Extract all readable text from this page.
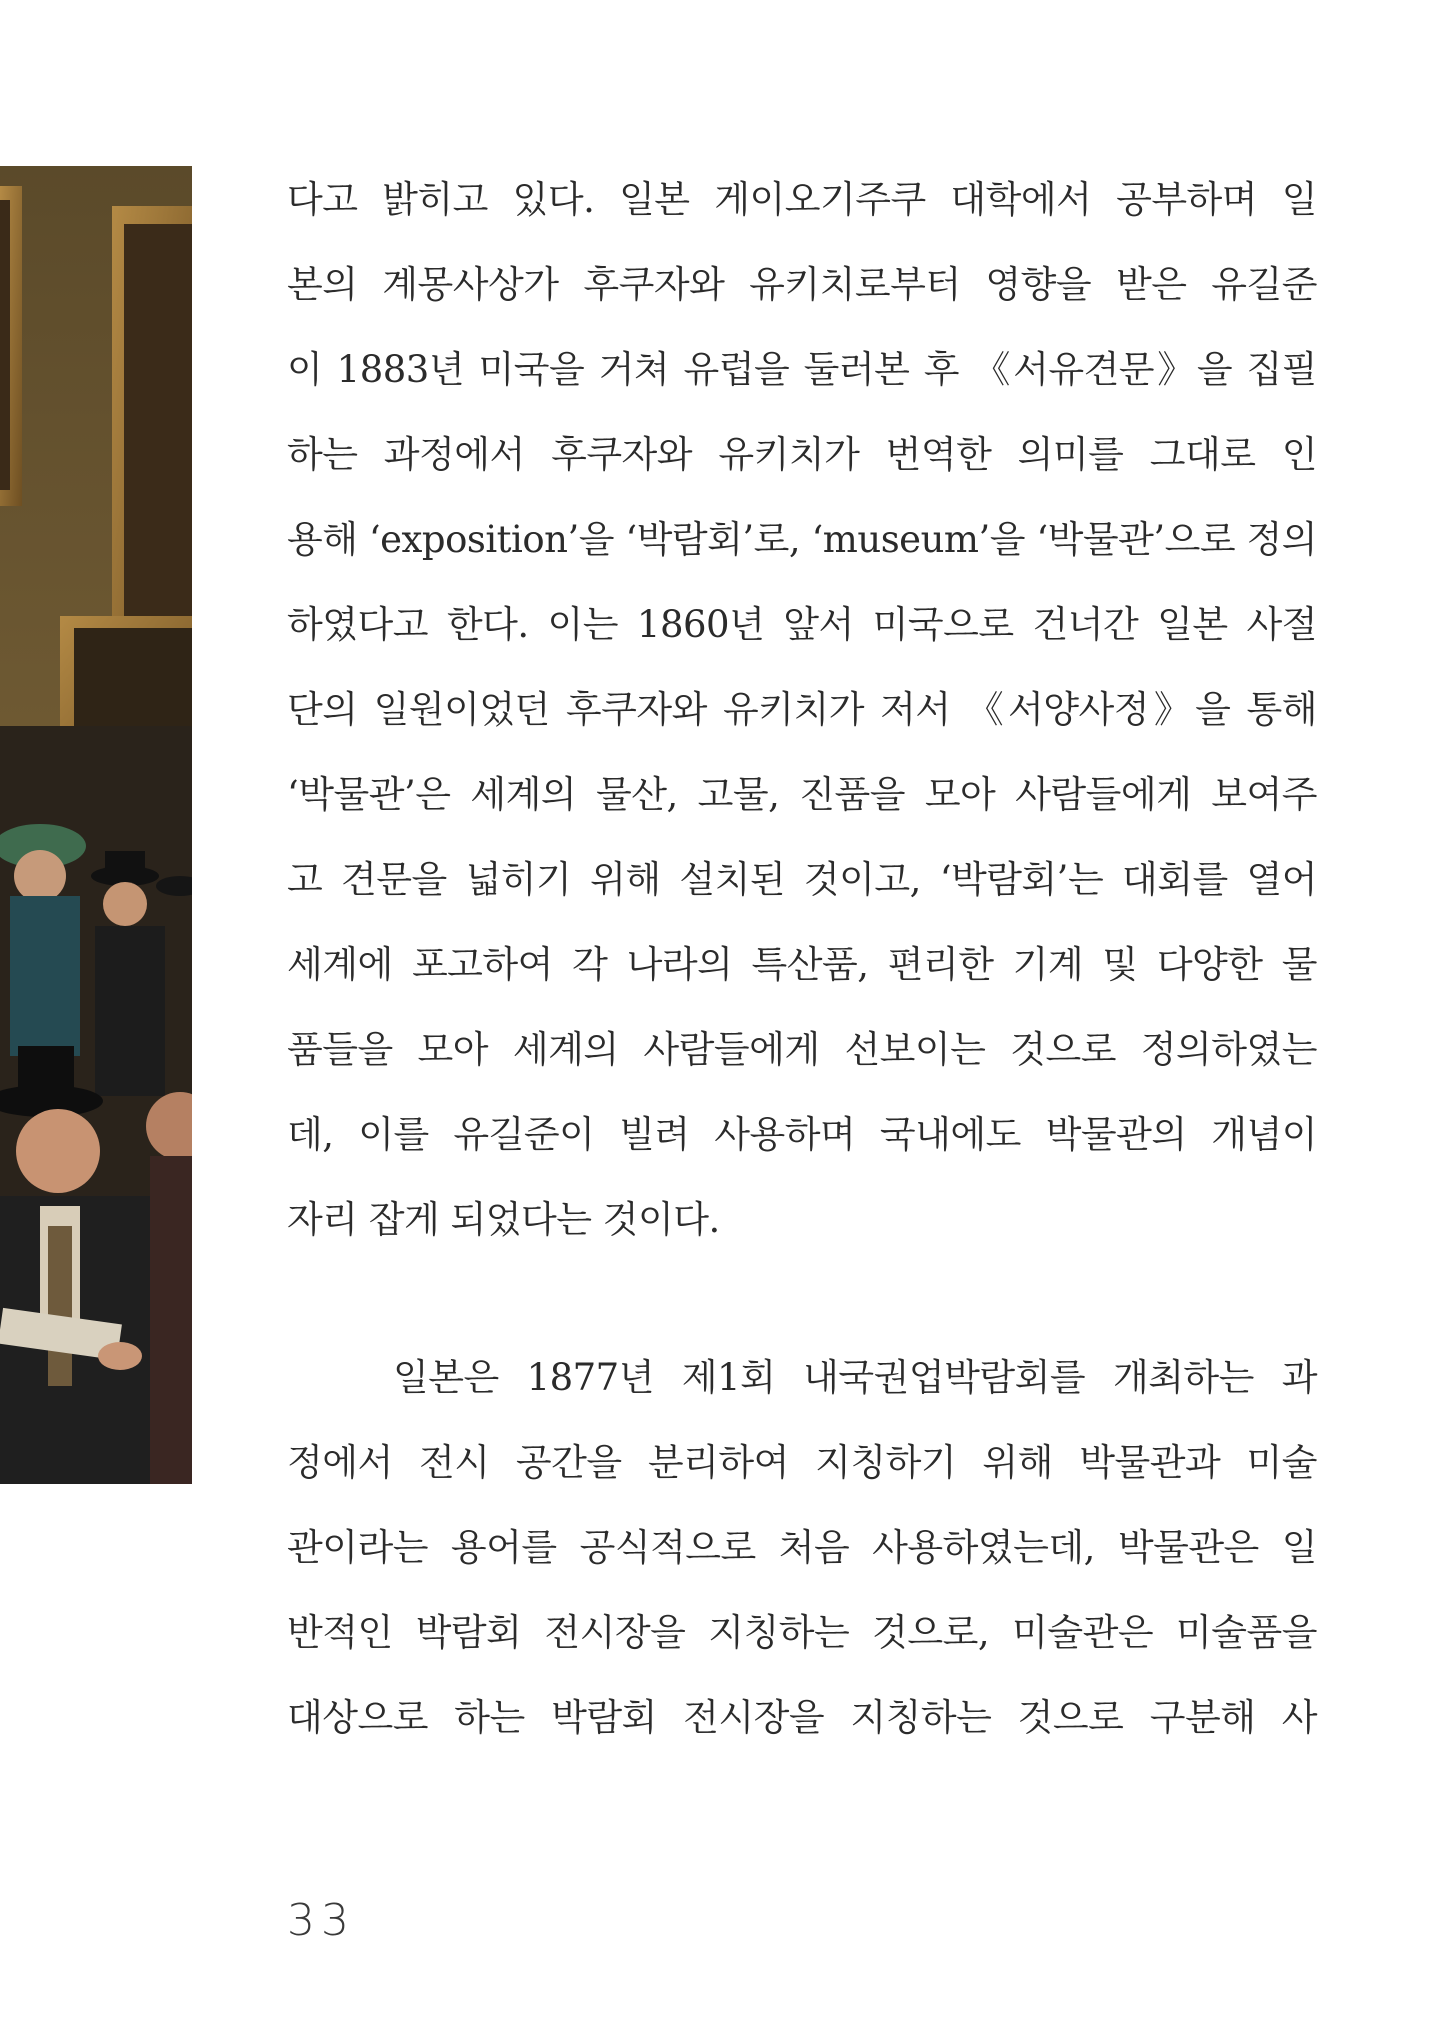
다고 밝히고 있다. 일본 게이오기주쿠 대학에서 공부하며 일
본의 계몽사상가 후쿠자와 유키치로부터 영향을 받은 유길준
이 1883년 미국을 거쳐 유럽을 둘러본 후 《서유견문》을 집필
하는 과정에서 후쿠자와 유키치가 번역한 의미를 그대로 인
용해 ‘exposition’을 ‘박람회’로, ‘museum’을 ‘박물관’으로 정의
하였다고 한다. 이는 1860년 앞서 미국으로 건너간 일본 사절
단의 일원이었던 후쿠자와 유키치가 저서 《서양사정》을 통해
‘박물관’은 세계의 물산, 고물, 진품을 모아 사람들에게 보여주
고 견문을 넓히기 위해 설치된 것이고, ‘박람회’는 대회를 열어
세계에 포고하여 각 나라의 특산품, 편리한 기계 및 다양한 물
품들을 모아 세계의 사람들에게 선보이는 것으로 정의하였는
데, 이를 유길준이 빌려 사용하며 국내에도 박물관의 개념이
자리 잡게 되었다는 것이다.
일본은 1877년 제1회 내국권업박람회를 개최하는 과
정에서 전시 공간을 분리하여 지칭하기 위해 박물관과 미술
관이라는 용어를 공식적으로 처음 사용하였는데, 박물관은 일
반적인 박람회 전시장을 지칭하는 것으로, 미술관은 미술품을
대상으로 하는 박람회 전시장을 지칭하는 것으로 구분해 사
33
